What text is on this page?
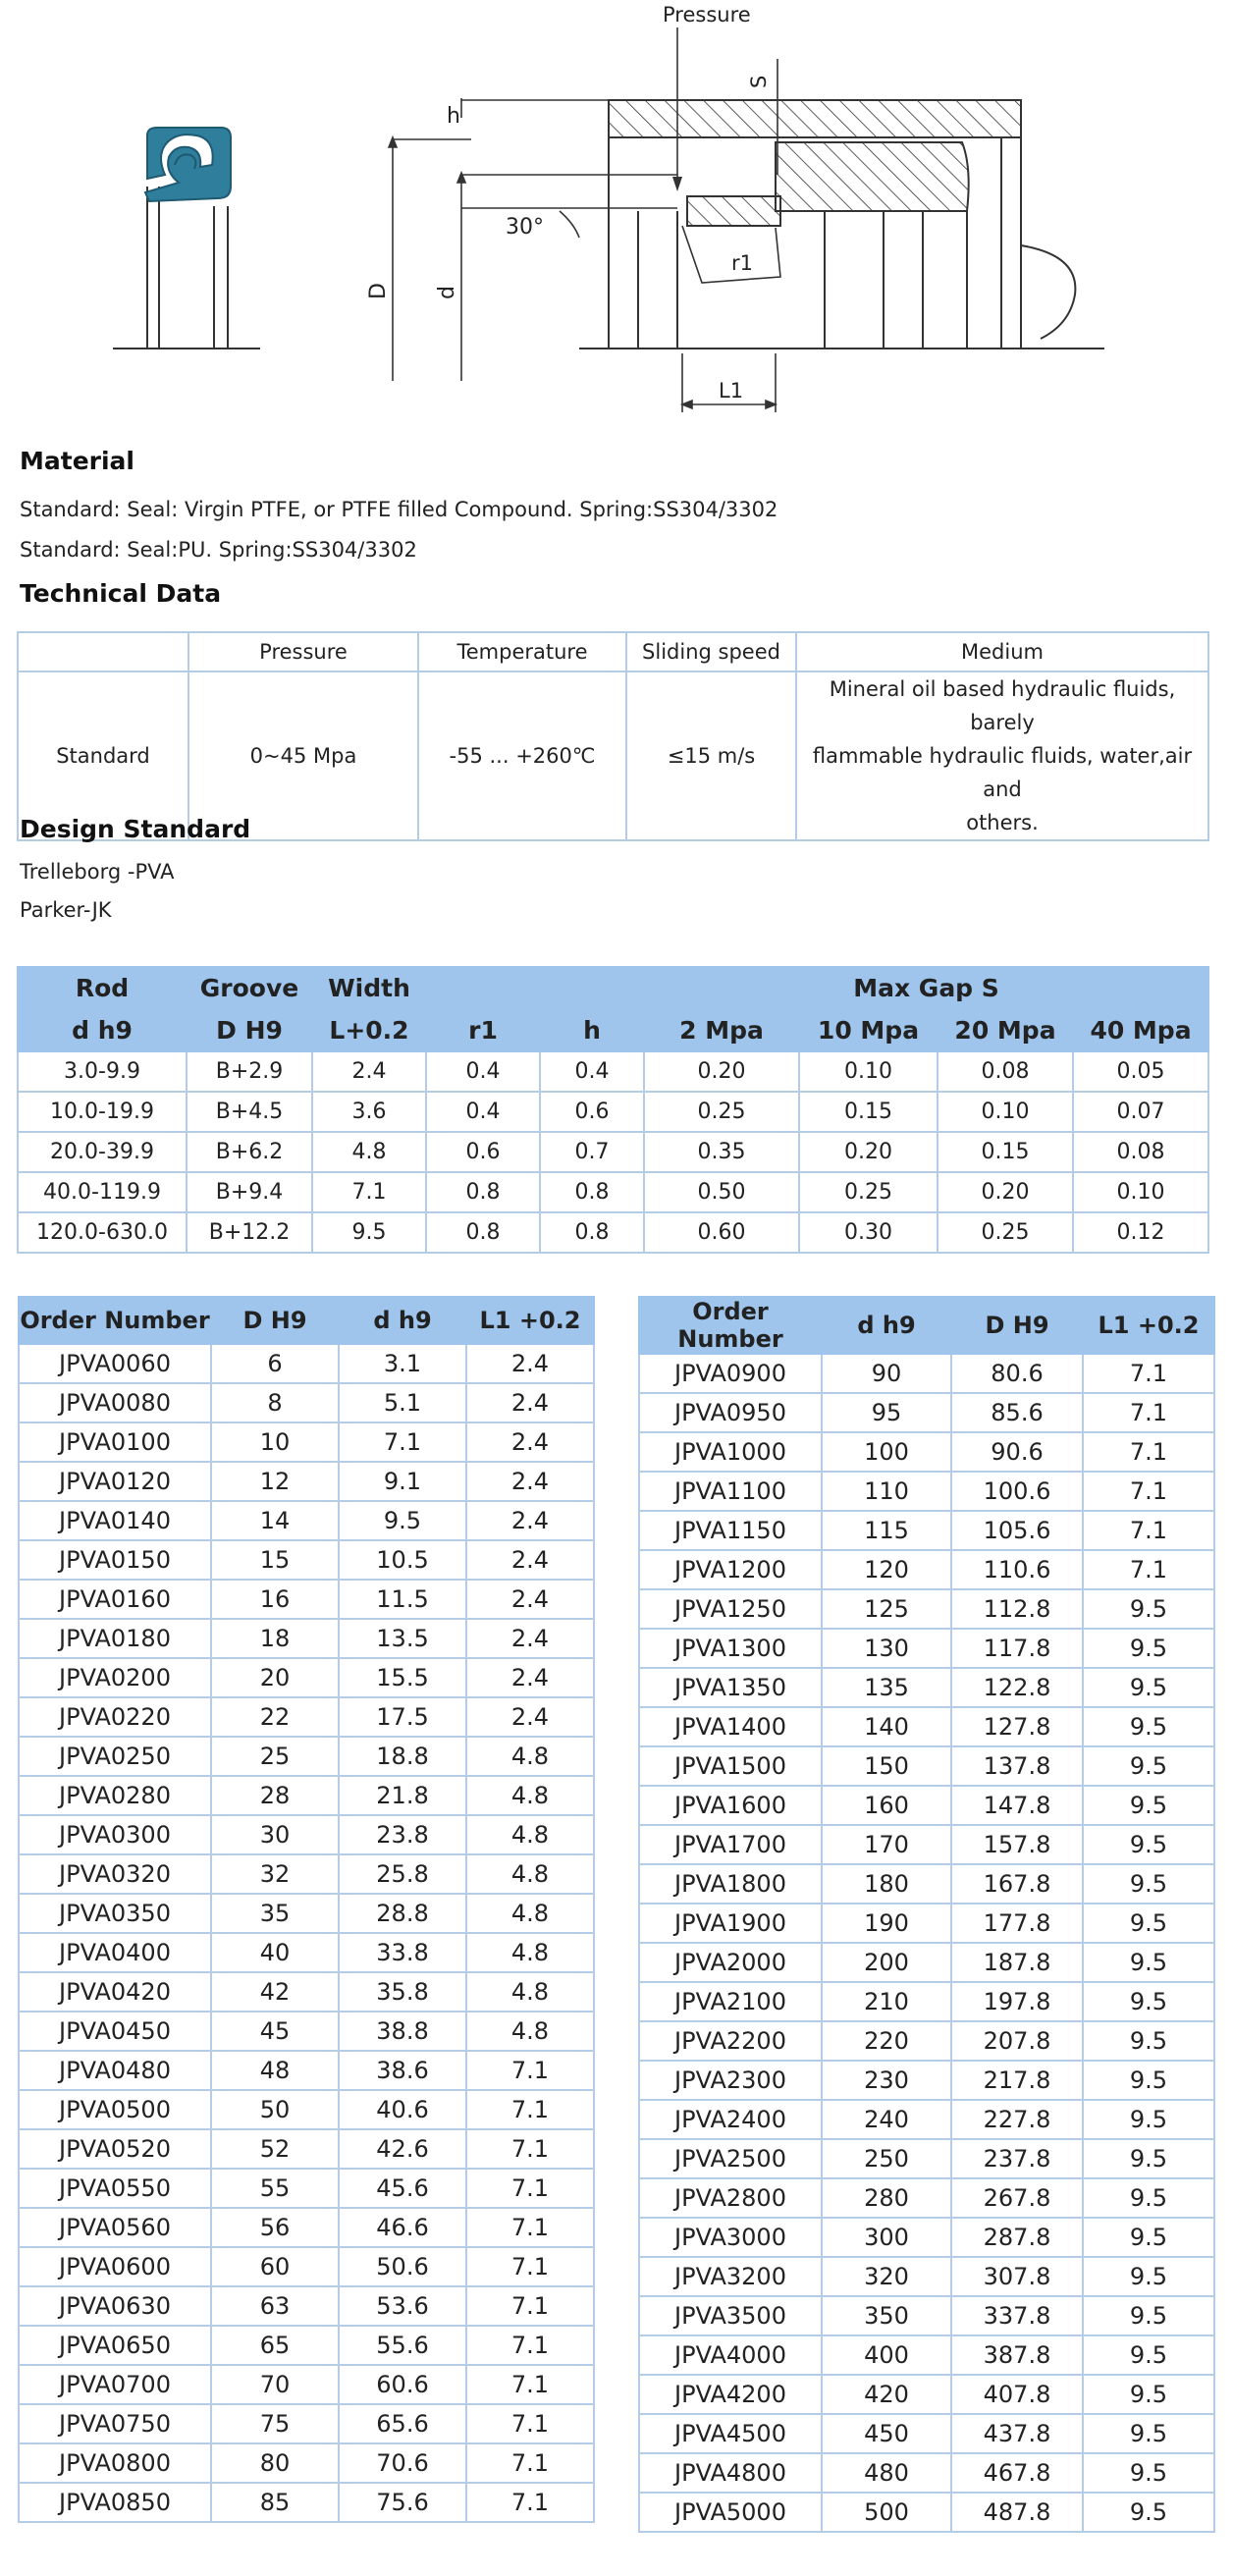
h
D d
30°
r1
Pressure
S
L1
Material
Standard: Seal: Virgin PTFE, or PTFE filled Compound. Spring:SS304/3302
Standard: Seal:PU. Spring:SS304/3302
Technical Data
	Pressure	Temperature	Sliding speed	Medium
Standard	0~45 Mpa	-55 ... +260℃	≤15 m/s	Mineral oil based hydraulic fluids, barely
flammable hydraulic fluids, water,air and
others.
Design Standard
Trelleborg -PVA
Parker-JK
Rod	Groove	Width			Max Gap S			
d h9	D H9	L+0.2	r1	h	2 Mpa	10 Mpa	20 Mpa	40 Mpa
3.0-9.9	B+2.9	2.4	0.4	0.4	0.20	0.10	0.08	0.05
10.0-19.9	B+4.5	3.6	0.4	0.6	0.25	0.15	0.10	0.07
20.0-39.9	B+6.2	4.8	0.6	0.7	0.35	0.20	0.15	0.08
40.0-119.9	B+9.4	7.1	0.8	0.8	0.50	0.25	0.20	0.10
120.0-630.0	B+12.2	9.5	0.8	0.8	0.60	0.30	0.25	0.12
Order Number	D H9	d h9	L1 +0.2
JPVA0060	6	3.1	2.4
JPVA0080	8	5.1	2.4
JPVA0100	10	7.1	2.4
JPVA0120	12	9.1	2.4
JPVA0140	14	9.5	2.4
JPVA0150	15	10.5	2.4
JPVA0160	16	11.5	2.4
JPVA0180	18	13.5	2.4
JPVA0200	20	15.5	2.4
JPVA0220	22	17.5	2.4
JPVA0250	25	18.8	4.8
JPVA0280	28	21.8	4.8
JPVA0300	30	23.8	4.8
JPVA0320	32	25.8	4.8
JPVA0350	35	28.8	4.8
JPVA0400	40	33.8	4.8
JPVA0420	42	35.8	4.8
JPVA0450	45	38.8	4.8
JPVA0480	48	38.6	7.1
JPVA0500	50	40.6	7.1
JPVA0520	52	42.6	7.1
JPVA0550	55	45.6	7.1
JPVA0560	56	46.6	7.1
JPVA0600	60	50.6	7.1
JPVA0630	63	53.6	7.1
JPVA0650	65	55.6	7.1
JPVA0700	70	60.6	7.1
JPVA0750	75	65.6	7.1
JPVA0800	80	70.6	7.1
JPVA0850	85	75.6	7.1
Order Number	d h9	D H9	L1 +0.2
JPVA0900	90	80.6	7.1
JPVA0950	95	85.6	7.1
JPVA1000	100	90.6	7.1
JPVA1100	110	100.6	7.1
JPVA1150	115	105.6	7.1
JPVA1200	120	110.6	7.1
JPVA1250	125	112.8	9.5
JPVA1300	130	117.8	9.5
JPVA1350	135	122.8	9.5
JPVA1400	140	127.8	9.5
JPVA1500	150	137.8	9.5
JPVA1600	160	147.8	9.5
JPVA1700	170	157.8	9.5
JPVA1800	180	167.8	9.5
JPVA1900	190	177.8	9.5
JPVA2000	200	187.8	9.5
JPVA2100	210	197.8	9.5
JPVA2200	220	207.8	9.5
JPVA2300	230	217.8	9.5
JPVA2400	240	227.8	9.5
JPVA2500	250	237.8	9.5
JPVA2800	280	267.8	9.5
JPVA3000	300	287.8	9.5
JPVA3200	320	307.8	9.5
JPVA3500	350	337.8	9.5
JPVA4000	400	387.8	9.5
JPVA4200	420	407.8	9.5
JPVA4500	450	437.8	9.5
JPVA4800	480	467.8	9.5
JPVA5000	500	487.8	9.5
